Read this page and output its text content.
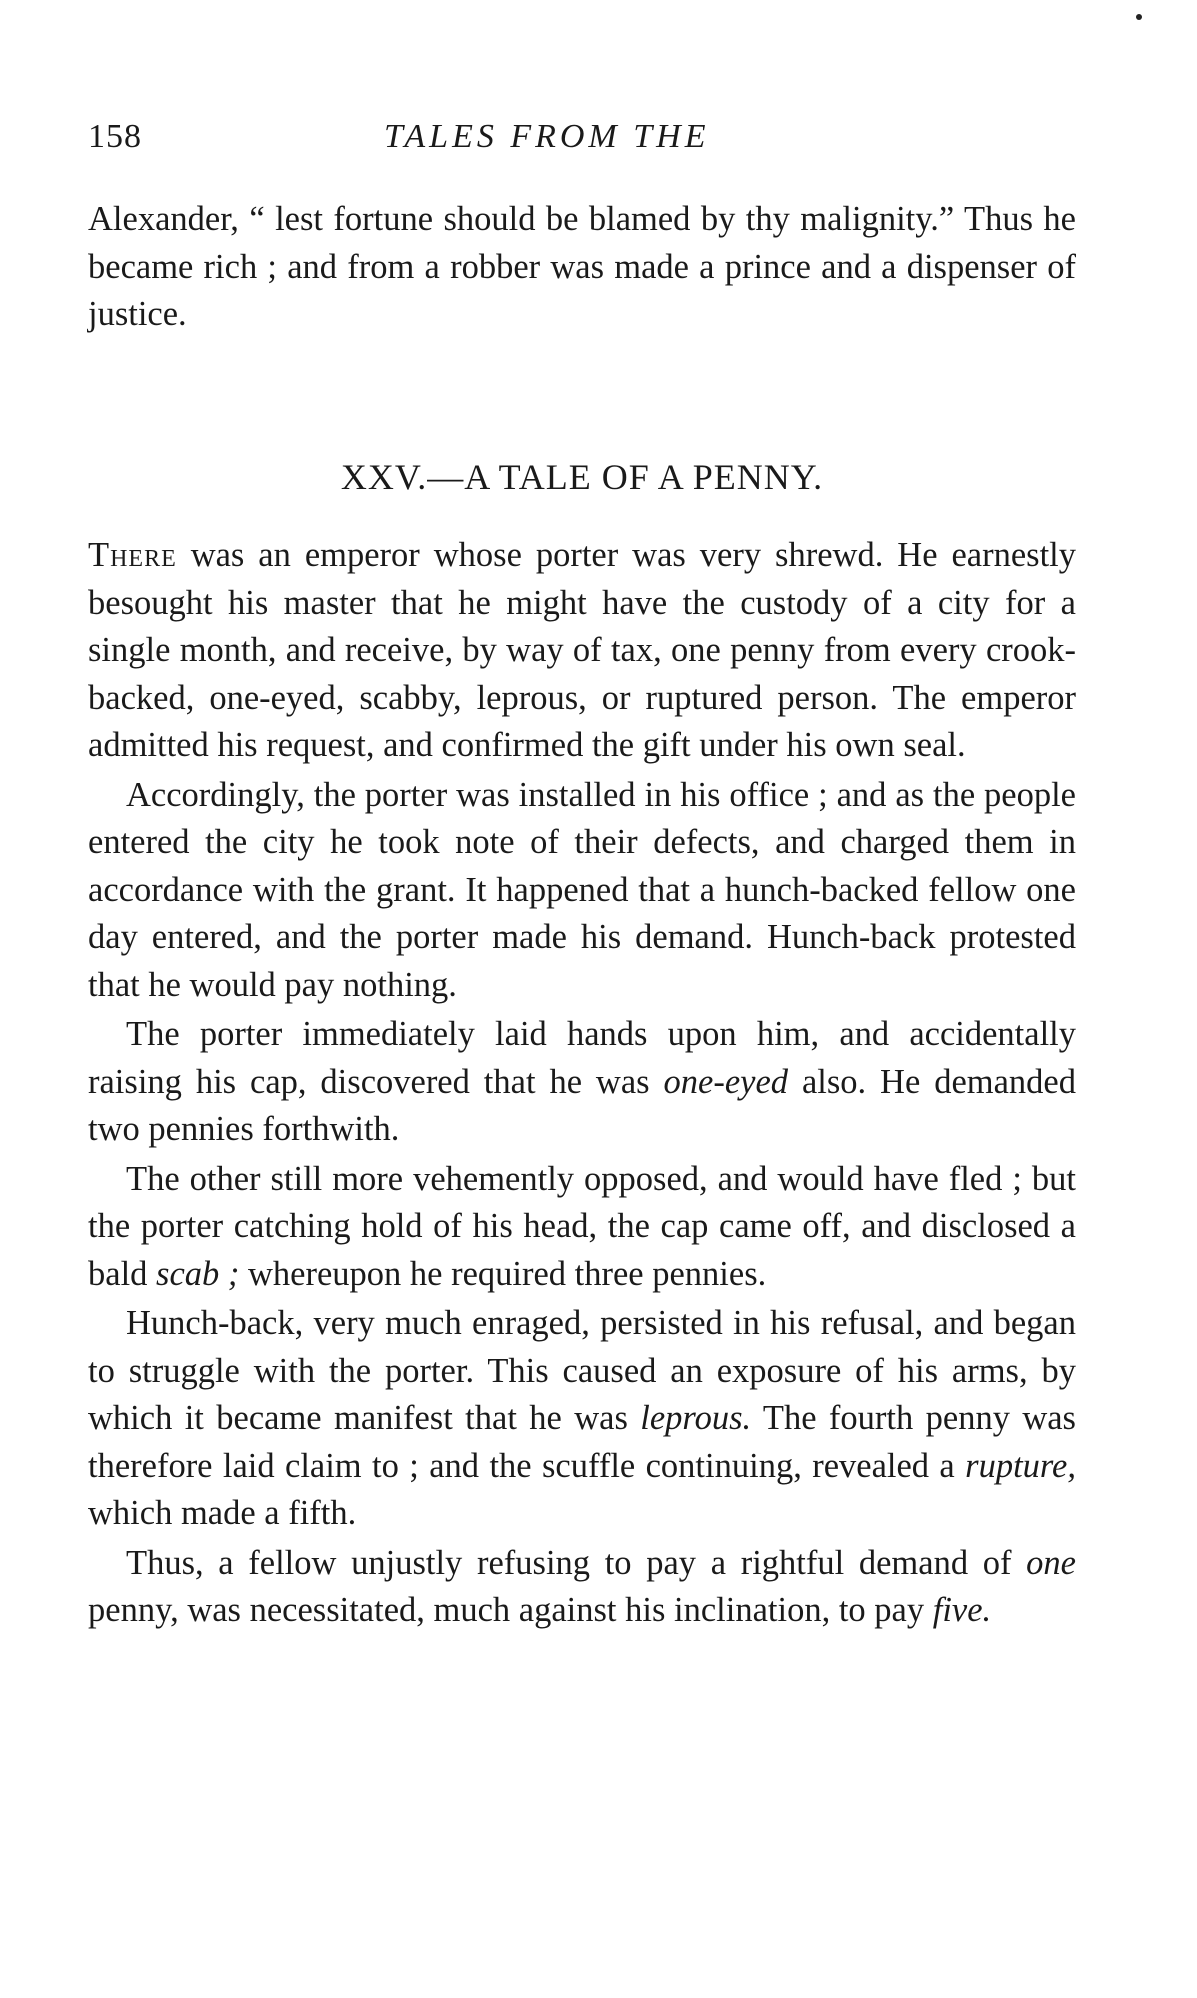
158	TALES FROM THE

Alexander, “ lest fortune should be blamed by thy malignity.” Thus he became rich ; and from a robber was made a prince and a dispenser of justice.

XXV.—A TALE OF A PENNY.

There was an emperor whose porter was very shrewd. He earnestly besought his master that he might have the custody of a city for a single month, and receive, by way of tax, one penny from every crook-backed, one-eyed, scabby, leprous, or ruptured person. The emperor admitted his request, and confirmed the gift under his own seal.

Accordingly, the porter was installed in his office ; and as the people entered the city he took note of their defects, and charged them in accordance with the grant. It happened that a hunch-backed fellow one day entered, and the porter made his demand. Hunch-back protested that he would pay nothing.

The porter immediately laid hands upon him, and accidentally raising his cap, discovered that he was one-eyed also. He demanded two pennies forthwith.

The other still more vehemently opposed, and would have fled ; but the porter catching hold of his head, the cap came off, and disclosed a bald scab ; whereupon he required three pennies.

Hunch-back, very much enraged, persisted in his refusal, and began to struggle with the porter. This caused an exposure of his arms, by which it became manifest that he was leprous. The fourth penny was therefore laid claim to ; and the scuffle continuing, revealed a rupture, which made a fifth.

Thus, a fellow unjustly refusing to pay a rightful demand of one penny, was necessitated, much against his inclination, to pay five.
